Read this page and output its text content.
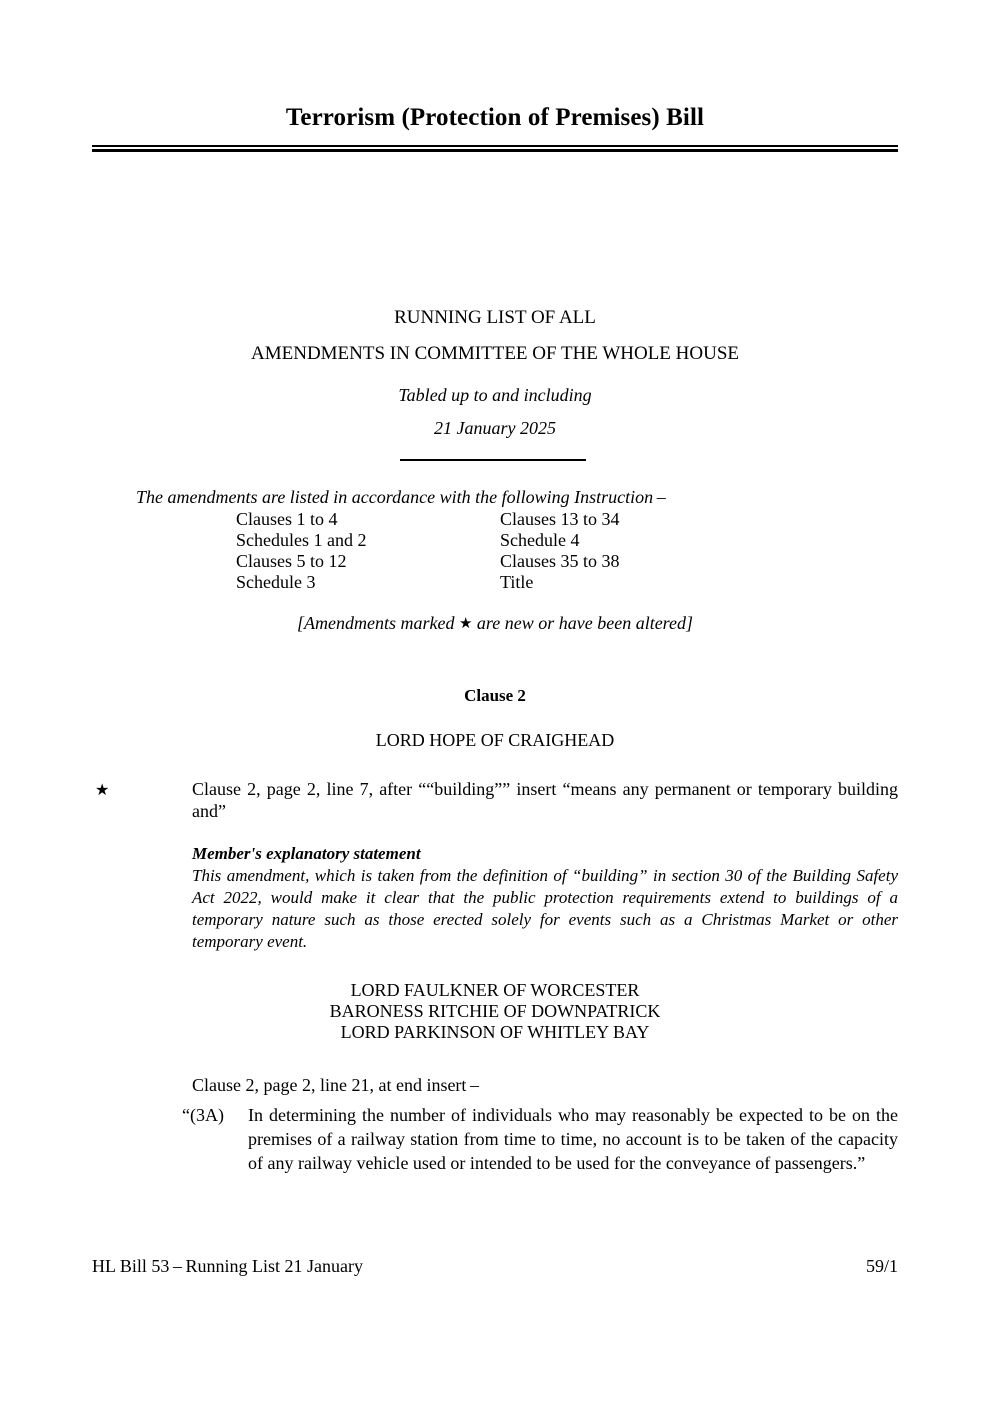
Terrorism (Protection of Premises) Bill
RUNNING LIST OF ALL
AMENDMENTS IN COMMITTEE OF THE WHOLE HOUSE
Tabled up to and including
21 January 2025
The amendments are listed in accordance with the following Instruction –
Clauses 1 to 4	Clauses 13 to 34
Schedules 1 and 2	Schedule 4
Clauses 5 to 12	Clauses 35 to 38
Schedule 3	Title
[Amendments marked ★ are new or have been altered]
Clause 2
LORD HOPE OF CRAIGHEAD
★	Clause 2, page 2, line 7, after ““building”” insert “means any permanent or temporary building and”
Member's explanatory statement
This amendment, which is taken from the definition of “building” in section 30 of the Building Safety Act 2022, would make it clear that the public protection requirements extend to buildings of a temporary nature such as those erected solely for events such as a Christmas Market or other temporary event.
LORD FAULKNER OF WORCESTER
BARONESS RITCHIE OF DOWNPATRICK
LORD PARKINSON OF WHITLEY BAY
Clause 2, page 2, line 21, at end insert –
“(3A)	In determining the number of individuals who may reasonably be expected to be on the premises of a railway station from time to time, no account is to be taken of the capacity of any railway vehicle used or intended to be used for the conveyance of passengers.”
HL Bill 53 – Running List 21 January	59/1
